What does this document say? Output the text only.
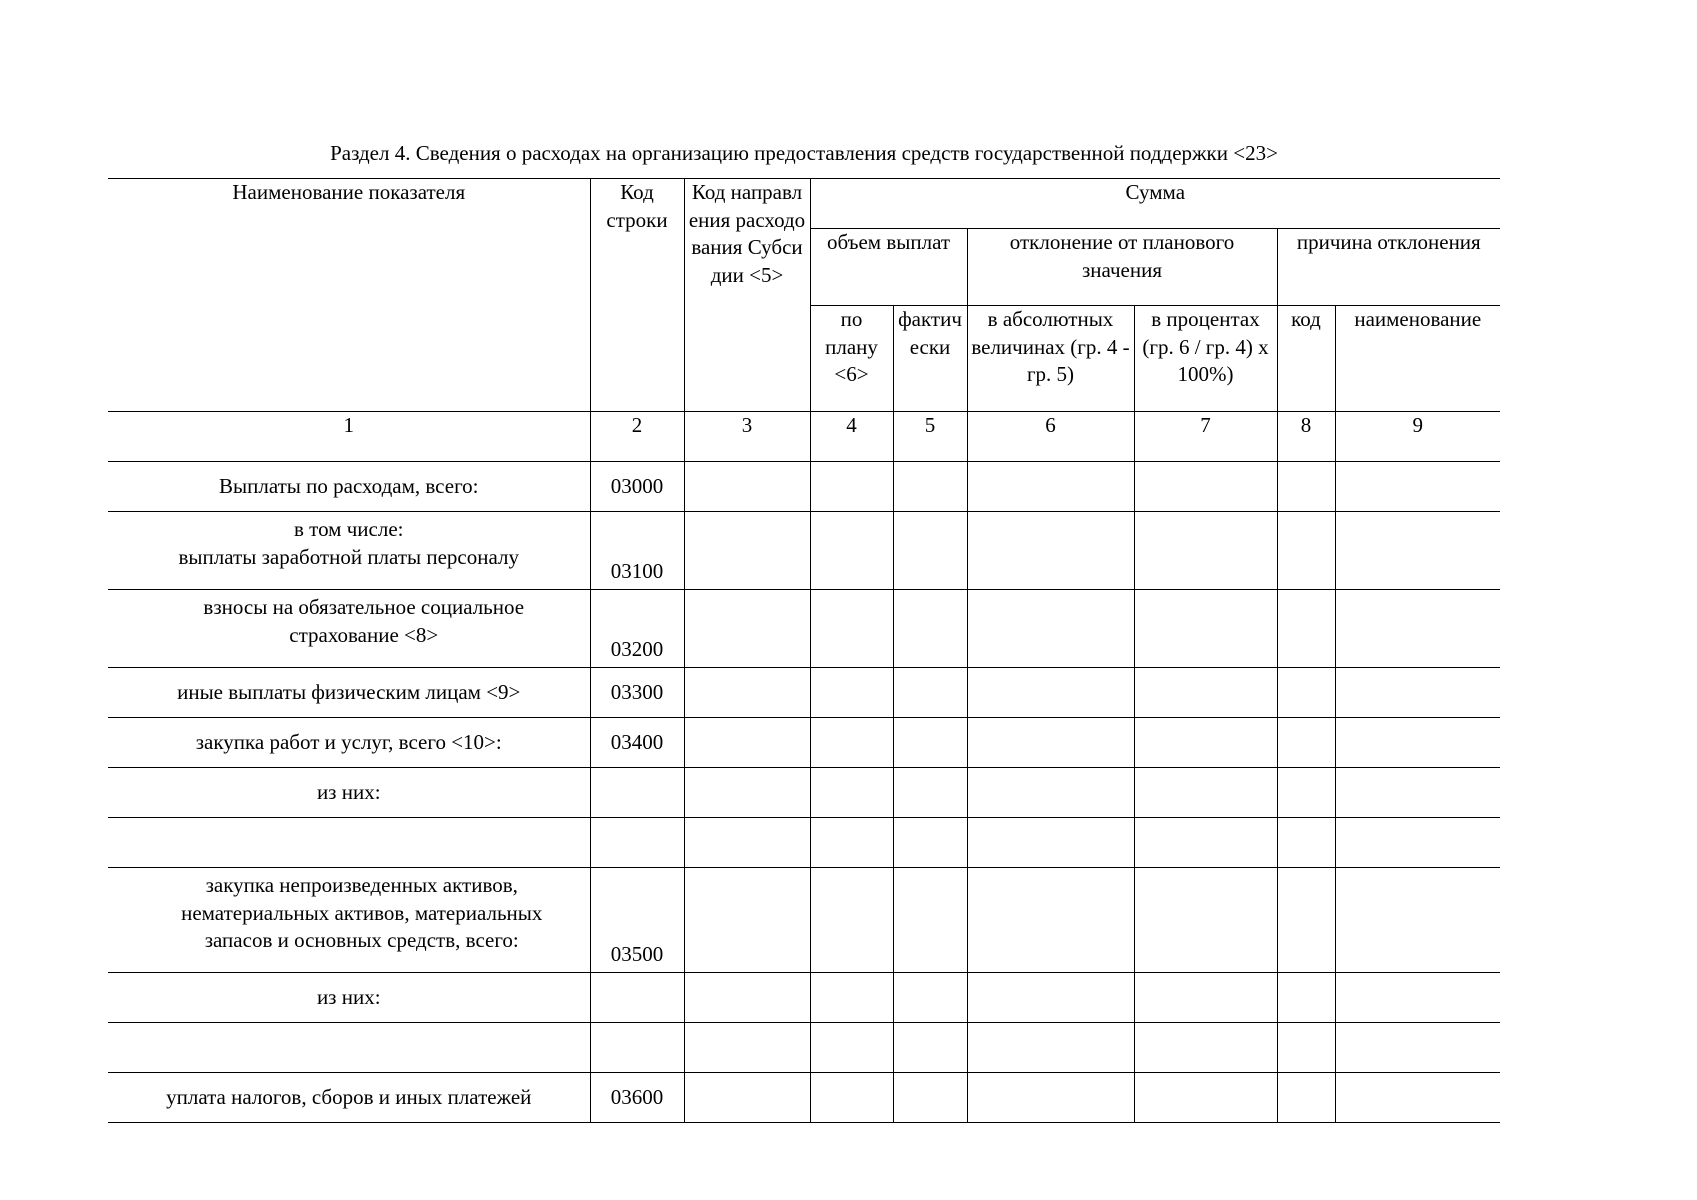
Раздел 4. Сведения о расходах на организацию предоставления средств государственной поддержки <23>
Наименование показателя	Код строки	Код направления расходования Субсидии <5>	Сумма					
			объем выплат		отклонение от планового значения		причина отклонения	
			по плану <6>	фактически	в абсолютных величинах (гр. 4 - гр. 5)	в процентах (гр. 6 / гр. 4) x 100%)	код	наименование
1	2	3	4	5	6	7	8	9
Выплаты по расходам, всего:	03000							
в том числе:
выплаты заработной платы персоналу	03100							
взносы на обязательное социальное страхование <8>	03200							
иные выплаты физическим лицам <9>	03300							
закупка работ и услуг, всего <10>:	03400							
из них:								

закупка непроизведенных активов, нематериальных активов, материальных запасов и основных средств, всего:	03500							
из них:								

уплата налогов, сборов и иных платежей	03600							
